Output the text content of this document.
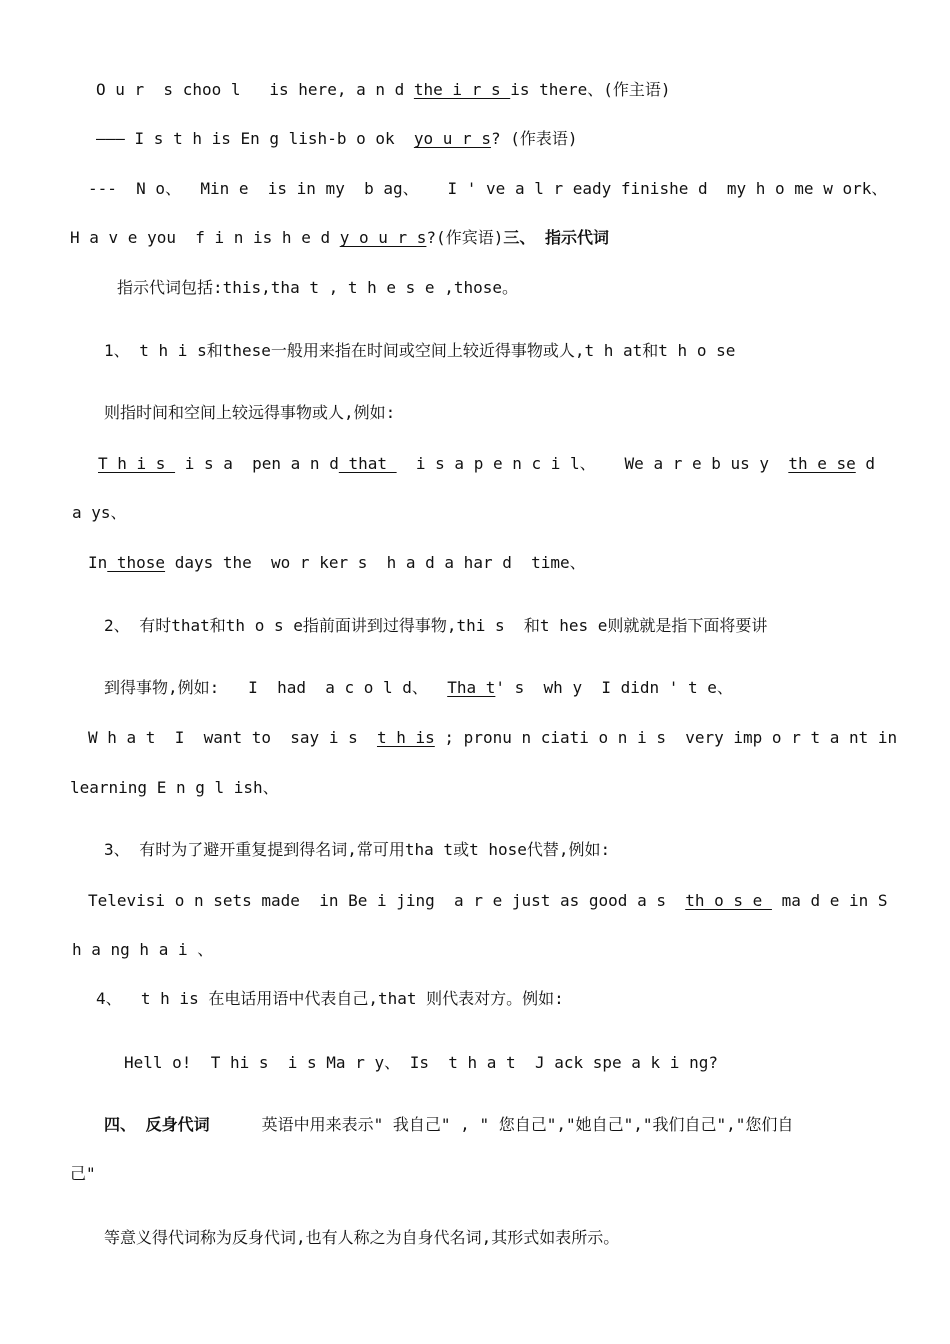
O u r  s choo l   is here, a n d the i r s is there、(作主语)
——— I s t h is En g lish-b o ok  yo u r s? (作表语)
---  N o、  Min e  is in my  b ag、   I ' ve a l r eady finishe d  my h o me w ork、
H a v e you  f i n is h e d y o u r s?(作宾语)三、 指示代词
指示代词包括:this,tha t , t h e s e ,those。
1、 t h i s和these一般用来指在时间或空间上较近得事物或人,t h at和t h o se
则指时间和空间上较远得事物或人,例如:
T h i s  i s a  pen a n d that   i s a p e n c i l、   We a r e b us y  th e se d
a ys、
In those days the  wo r ker s  h a d a har d  time、
2、 有时that和th o s e指前面讲到过得事物,thi s  和t hes e则就就是指下面将要讲
到得事物,例如:   I  had  a c o l d、  Tha t' s  wh y  I didn ' t e、
W h a t  I  want to  say i s  t h is ; pronu n ciati o n i s  very imp o r t a nt in
learning E n g l ish、
3、 有时为了避开重复提到得名词,常可用tha t或t hose代替,例如:
Televisi o n sets made  in Be i jing  a r e just as good a s  th o s e  ma d e in S
h a ng h a i 、
4、  t h is 在电话用语中代表自己,that 则代表对方。例如:
Hell o!  T hi s  i s Ma r y、 Is  t h a t  J ack spe a k i ng?
四、 反身代词	英语中用来表示" 我自己" , " 您自己","她自己","我们自己","您们自
己"
等意义得代词称为反身代词,也有人称之为自身代名词,其形式如表所示。
